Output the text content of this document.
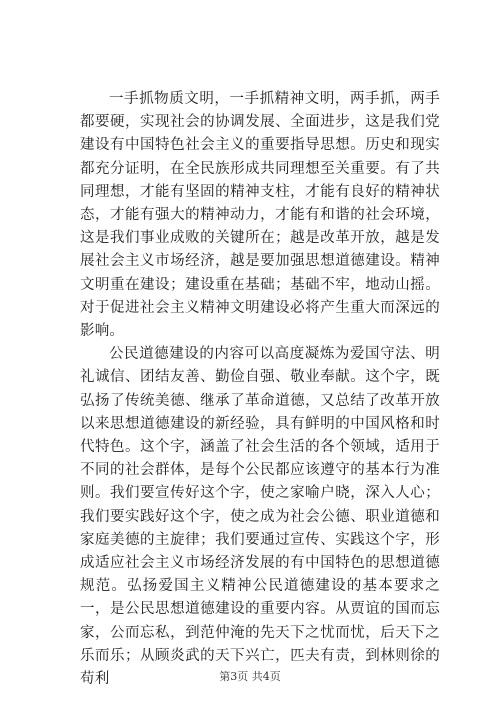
一手抓物质文明，一手抓精神文明，两手抓，两手都要硬，实现社会的协调发展、全面进步，这是我们党建设有中国特色社会主义的重要指导思想。历史和现实都充分证明，在全民族形成共同理想至关重要。有了共同理想，才能有坚固的精神支柱，才能有良好的精神状态，才能有强大的精神动力，才能有和谐的社会环境，这是我们事业成败的关键所在；越是改革开放，越是发展社会主义市场经济，越是要加强思想道德建设。精神文明重在建设；建设重在基础；基础不牢，地动山摇。对于促进社会主义精神文明建设必将产生重大而深远的影响。

公民道德建设的内容可以高度凝炼为爱国守法、明礼诚信、团结友善、勤俭自强、敬业奉献。这个字，既弘扬了传统美德、继承了革命道德，又总结了改革开放以来思想道德建设的新经验，具有鲜明的中国风格和时代特色。这个字，涵盖了社会生活的各个领域，适用于不同的社会群体，是每个公民都应该遵守的基本行为准则。我们要宣传好这个字，使之家喻户晓，深入人心；我们要实践好这个字，使之成为社会公德、职业道德和家庭美德的主旋律；我们要通过宣传、实践这个字，形成适应社会主义市场经济发展的有中国特色的思想道德规范。弘扬爱国主义精神公民道德建设的基本要求之一，是公民思想道德建设的重要内容。从贾谊的国而忘家，公而忘私，到范仲淹的先天下之忧而忧，后天下之乐而乐；从顾炎武的天下兴亡，匹夫有责，到林则徐的苟利	第3页 共4页
